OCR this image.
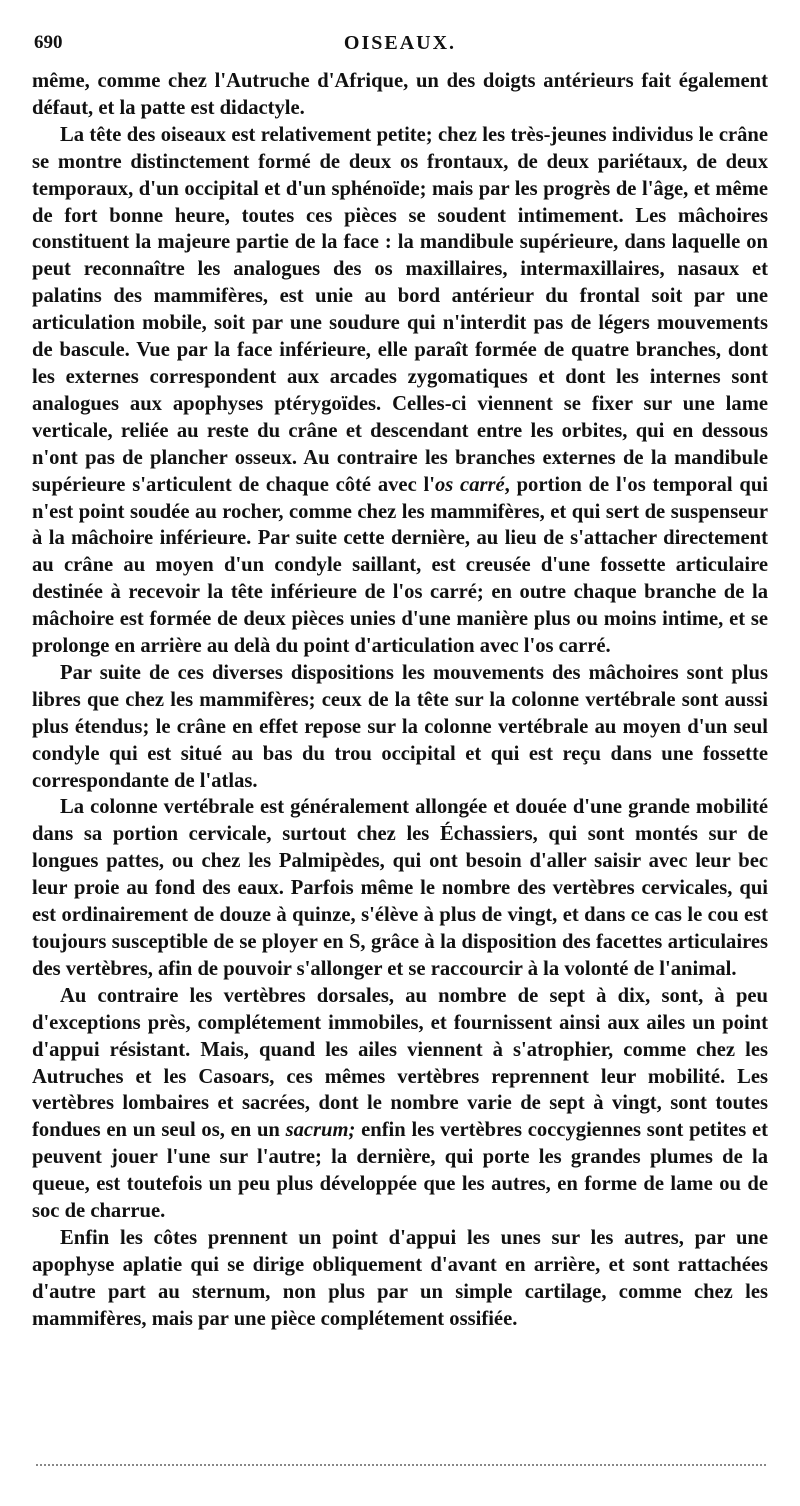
690	OISEAUX.

même, comme chez l'Autruche d'Afrique, un des doigts antérieurs fait également défaut, et la patte est didactyle.

La tête des oiseaux est relativement petite; chez les très-jeunes individus le crâne se montre distinctement formé de deux os frontaux, de deux pariétaux, de deux temporaux, d'un occipital et d'un sphénoïde; mais par les progrès de l'âge, et même de fort bonne heure, toutes ces pièces se soudent intimement. Les mâchoires constituent la majeure partie de la face : la mandibule supérieure, dans laquelle on peut reconnaître les analogues des os maxillaires, intermaxillaires, nasaux et palatins des mammifères, est unie au bord antérieur du frontal soit par une articulation mobile, soit par une soudure qui n'interdit pas de légers mouvements de bascule. Vue par la face inférieure, elle paraît formée de quatre branches, dont les externes correspondent aux arcades zygomatiques et dont les internes sont analogues aux apophyses ptérygoïdes. Celles-ci viennent se fixer sur une lame verticale, reliée au reste du crâne et descendant entre les orbites, qui en dessous n'ont pas de plancher osseux. Au contraire les branches externes de la mandibule supérieure s'articulent de chaque côté avec l'os carré, portion de l'os temporal qui n'est point soudée au rocher, comme chez les mammifères, et qui sert de suspenseur à la mâchoire inférieure. Par suite cette dernière, au lieu de s'attacher directement au crâne au moyen d'un condyle saillant, est creusée d'une fossette articulaire destinée à recevoir la tête inférieure de l'os carré; en outre chaque branche de la mâchoire est formée de deux pièces unies d'une manière plus ou moins intime, et se prolonge en arrière au delà du point d'articulation avec l'os carré.

Par suite de ces diverses dispositions les mouvements des mâchoires sont plus libres que chez les mammifères; ceux de la tête sur la colonne vertébrale sont aussi plus étendus; le crâne en effet repose sur la colonne vertébrale au moyen d'un seul condyle qui est situé au bas du trou occipital et qui est reçu dans une fossette correspondante de l'atlas.

La colonne vertébrale est généralement allongée et douée d'une grande mobilité dans sa portion cervicale, surtout chez les Échassiers, qui sont montés sur de longues pattes, ou chez les Palmipèdes, qui ont besoin d'aller saisir avec leur bec leur proie au fond des eaux. Parfois même le nombre des vertèbres cervicales, qui est ordinairement de douze à quinze, s'élève à plus de vingt, et dans ce cas le cou est toujours susceptible de se ployer en S, grâce à la disposition des facettes articulaires des vertèbres, afin de pouvoir s'allonger et se raccourcir à la volonté de l'animal.

Au contraire les vertèbres dorsales, au nombre de sept à dix, sont, à peu d'exceptions près, complétement immobiles, et fournissent ainsi aux ailes un point d'appui résistant. Mais, quand les ailes viennent à s'atrophier, comme chez les Autruches et les Casoars, ces mêmes vertèbres reprennent leur mobilité. Les vertèbres lombaires et sacrées, dont le nombre varie de sept à vingt, sont toutes fondues en un seul os, en un sacrum; enfin les vertèbres coccygiennes sont petites et peuvent jouer l'une sur l'autre; la dernière, qui porte les grandes plumes de la queue, est toutefois un peu plus développée que les autres, en forme de lame ou de soc de charrue.

Enfin les côtes prennent un point d'appui les unes sur les autres, par une apophyse aplatie qui se dirige obliquement d'avant en arrière, et sont rattachées d'autre part au sternum, non plus par un simple cartilage, comme chez les mammifères, mais par une pièce complétement ossifiée.
